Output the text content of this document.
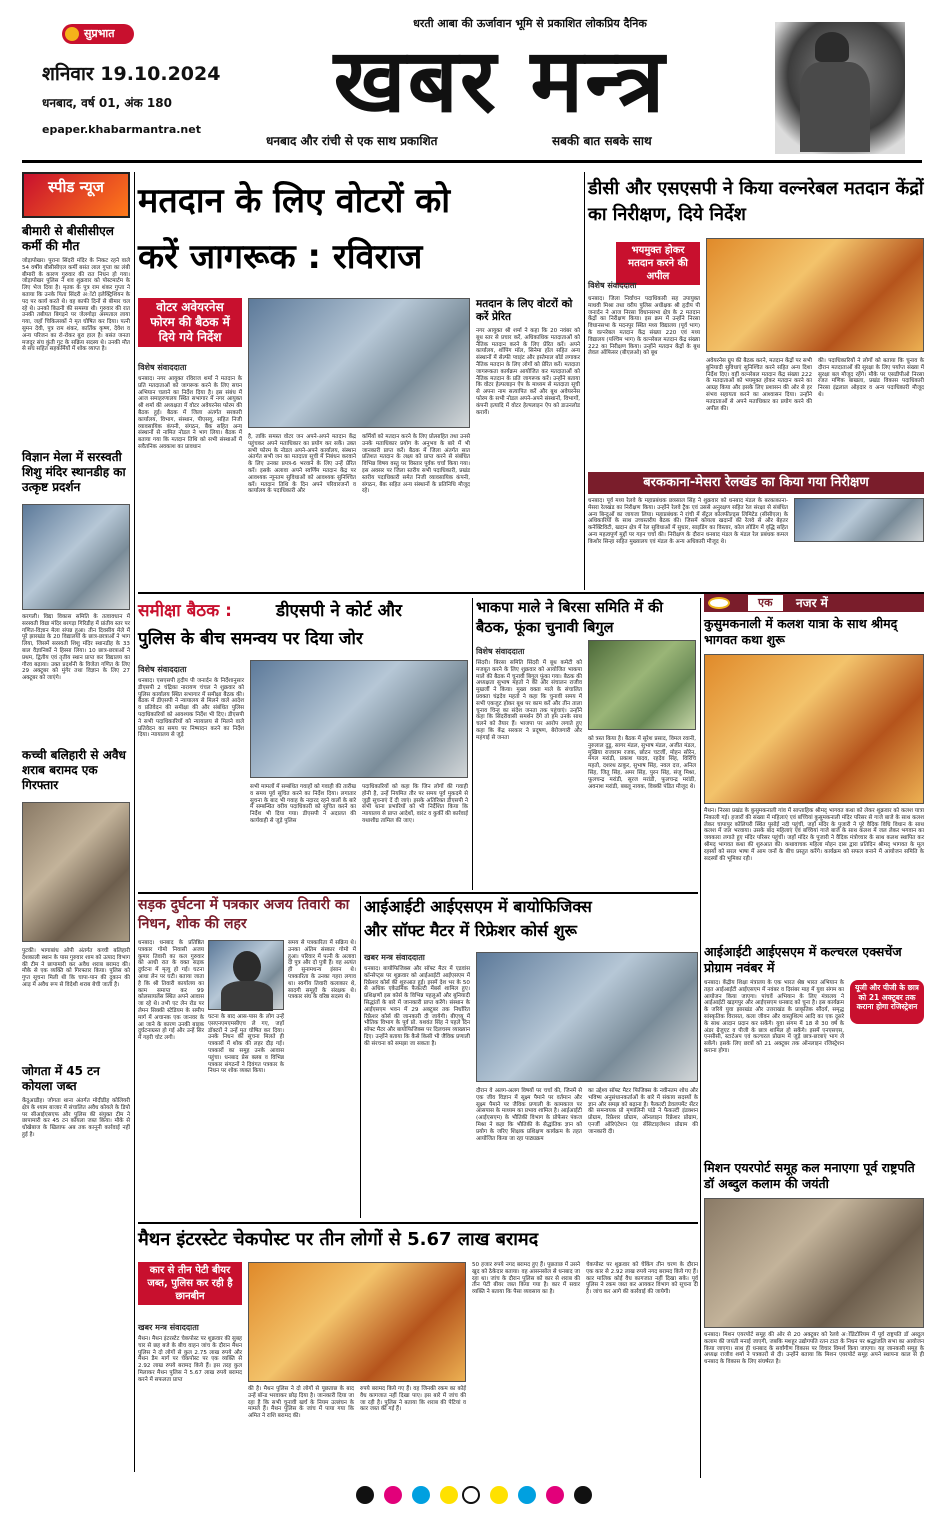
सुप्रभात
धरती आबा की ऊर्जावान भूमि से प्रकाशित लोकप्रिय दैनिक
शनिवार 19.10.2024
धनबाद, वर्ष 01, अंक 180
epaper.khabarmantra.net	खबर मन्त्र
धनबाद और रांची से एक साथ प्रकाशित	सबकी बात सबके साथ
स्पीड न्यूज
बीमारी से बीसीसीएल कर्मी की मौत
जोड़ापोखर। पुराना सिंदरी मंदिर के निकट रहने वाले 54 वर्षीय बीसीसीएल कर्मी बसंत लाल गुप्ता का लंबी बीमारी के कारण गुरुवार की रात निधन हो गया। जोड़ापोखर पुलिस ने शव शुक्रवार को पोस्टमार्टम के लिए भेज दिया है। मृतक के पुत्र राम शंकर गुप्ता ने बताया कि उनके पिता सिंदरी अॉटो इलेक्ट्रिशियन के पद पर कार्य करते थे। वह काफी दिनों से बीमार चल रहे थे। उनको किडनी की समस्या थी। गुरुवार की रात उनकी तबीयत बिगड़ने पर जेलगोड़ा अस्पताल लाया गया, जहाँ चिकित्सकों ने मृत घोषित कर दिया। पत्नी सुमन देवी, पुत्र राम शंकर, कार्तिक कृष्ण, देवेश व अन्य परिजन का रो-रोकर बुरा हाल है। बसंत जनता मजदूर संघ कुंती गुट के सक्रिय सदस्य थे। उनकी मौत से संघ सहित सहकर्मियों में शोक व्याप्त है।
विज्ञान मेला में सरस्वती शिशु मंदिर स्थानडीह का उत्कृष्ट प्रदर्शन
करगली। विद्या विकास समिति के तत्वावधान में सरस्वती विद्या मंदिर बरगड़ा गिरिडीह में प्रांतीय स्तर पर गणित-विज्ञान मेला संपन्न हुआ। तीन दिवसीय मेले में पूरे झारखंड के 20 विद्यालयों के छात्र-छात्राओं ने भाग लिया, जिसमें सरस्वती शिशु मंदिर स्थानडीह के 33 बाल वैज्ञानिकों ने हिस्सा लिया। 10 छात्र-छात्राओं ने प्रथम, द्वितीय एवं तृतीय स्थान प्राप्त कर विद्यालय का गौरव बढ़ाया। उक्त प्रदर्शनी के विजेता गणित के लिए 29 अक्टूबर को मुंगेर तथा विज्ञान के लिए 27 अक्टूबर को जाएंगे।
कच्ची बलिहारी से अवैध शराब बरामद एक गिरफ्तार
पुटकी। भागाबांध ओपी अंतर्गत कच्ची बलिहारी देशकाली स्थान के पास गुरुवार शाम को उत्पाद विभाग की टीम ने छापामारी कर अवैध शराब बरामद की। मौके से एक व्यक्ति को गिरफ्तार किया। पुलिस को गुप्त सूचना मिली थी कि चापा-पान की दुकान की आड़ में अवैध रूप से विदेशी शराब बेची जाती है।
जोगता में 45 टन कोयला जब्त
केंदुआडीह। जोगता थाना अंतर्गत मोदीडीह कोलियरी क्षेत्र के श्याम बाजार में संचालित अवैध कोयले के डिपो पर सीआईएसएफ और पुलिस की संयुक्त टीम ने छापामारी कर 45 टन कोयला जब्त किया। मौके से धोखेबाज के खिलाफ अब तक कानूनी कार्रवाई नहीं हुई है।
मतदान के लिए वोटरों को
करें जागरूक : रविराज
वोटर अवेयरनेस फोरम की बैठक में दिये गये निर्देश
विशेष संवाददाता
धनबाद। नगर आयुक्त रविराज शर्मा ने मतदान के प्रति मतदाताओं को जागरूक करने के लिए सघन अभियान चलाने का निर्देश दिया है। इस संबंध में आज समाहरणालय स्थित सभागार में नगर आयुक्त श्री शर्मा की अध्यक्षता में वोटर अवेयरनेस फोरम की बैठक हुई। बैठक में जिला अंतर्गत सरकारी कार्यालय, विभाग, संस्थान, पीएसयू, सहित निजी व्यावसायिक कंपनी, संगठन, बैंक सहित अन्य संस्थानों से नामित नोडल ने भाग लिया। बैठक में बताया गया कि मतदान तिथि को सभी संस्थाओं में सवैतनिक अवकाश का प्रावधान
है, ताकि समस्त वोटर जन अपने-अपने मतदान केंद्र पहुंचकर अपने मताधिकार का प्रयोग कर सकें। उक्त सभी फोरम के नोडल अपने-अपने कार्यालय, संस्थान अंतर्गत सभी जन का मतदाता सूची में निबंधन करवाने के लिए उनका प्रपत्र-6 भरवाने के लिए उन्हें प्रेरित करें। इसके अलावा अपने स्वर्णिम मतदान केंद्र पर आवश्यक न्यूनतम सुविधाओं को आवश्यक सुनिश्चित करें। मतदान तिथि के दिन अपने परिवारजनों व कार्यालय के पदाधिकारी और
कर्मियों को मतदान करने के लिए प्रोत्साहित तथा उनसे उनके मताधिकार प्रयोग के अनुभव के बारे में भी जानकारी प्राप्त करें। बैठक में जिला अंतर्गत सात प्रतिशत मतदान के लक्ष्य को प्राप्त करने से संबंधित विभिन्न विषय वस्तु पर विस्तार पूर्वक चर्चा किया गया। इस अवसर पर जिला स्तरीय सभी पदाधिकारी, प्रखंड स्तरीय पदाधिकारी समेत निजी व्यावसायिक कंपनी, संगठन, बैंक सहित अन्य संस्थानों के प्रतिनिधि मौजूद रहे।
मतदान के लिए वोटरों को करें प्रेरित
नगर आयुक्त श्री शर्मा ने कहा कि 20 नवंबर को बूथ स्तर से प्रचार करें, अधिकाधिक मतदाताओं को नैतिक मतदान करने के लिए प्रेरित करें। अपने कार्यालय, शॉपिंग मॉल, सिनेमा हॉल सहित अन्य संस्थानों में सेल्फी प्वाइंट और इस्तेमाल बॉर्ड लगाकर नैतिक मतदान के लिए लोगों को प्रेरित करें। मतदाता जागरूकता कार्यक्रम आयोजित कर मतदाताओं को नैतिक मतदान के प्रति जागरूक करें। उन्होंने बताया कि वोटर हेल्पलाइन ऐप के माध्यम से मतदाता सूची से अपना नाम सत्यापित करें और बूथ अवेयरनेस फोरम के सभी नोडल अपने-अपने संस्थानों, विभागों, कंपनी इत्यादि में वोटर हेल्पलाइन ऐप को डाउनलोड करायें।
डीसी और एसएसपी ने किया वल्नरेबल मतदान केंद्रों का निरीक्षण, दिये निर्देश
भयमुक्त होकर मतदान करने की अपील
विशेष संवाददाता
धनबाद। जिला निर्वाचन पदाधिकारी सह उपायुक्त माधवी मिश्रा तथा वरीय पुलिस अधीक्षक श्री हृदीप पी जनार्दन ने आज निरसा विधानसभा क्षेत्र के 2 मतदान केंद्रों का निरीक्षण किया। इस क्रम में उन्होंने निरसा विधानसभा के मदनपुर स्थित मध्य विद्यालय (पूर्व भाग) के वल्नरेबल मतदान केंद्र संख्या 220 एवं मध्य विद्यालय (पश्चिम भाग) के वल्नरेबल मतदान केंद्र संख्या 222 का निरीक्षण किया। उन्होंने मतदान केंद्रों के बूथ लेवल ऑफिसर (बीएलओ) को बूथ
अवेयरनेस ग्रुप की बैठक करने, मतदान केंद्रों पर सभी बुनियादी सुविधाएं सुनिश्चित करने सहित अन्य दिशा निर्देश दिए। वहीं वल्नरेबल मतदान केंद्र संख्या 222 के मतदाताओं को भयमुक्त होकर मतदान करने का आग्रह किया और इसके लिए प्रशासन की ओर से हर संभव सहायता करने का आश्वासन दिया। उन्होंने मतदाताओं से अपने मताधिकार का प्रयोग करने की अपील की।
की। पदाधिकारियों ने लोगों को बताया कि चुनाव के दौरान मतदाताओं की सुरक्षा के लिए पर्याप्त संख्या में सुरक्षा बल मौजूद रहेंगे। मौके पर एसडीपीओ निरसा रजत मणिक बाखला, प्रखंड विकास पदाधिकारी निरसा इंद्रलाल ओहदार व अन्य पदाधिकारी मौजूद थे।
बरककाना-मेसरा रेलखंड का किया गया निरीक्षण
धनबाद। पूर्व मध्य रेलवे के महाप्रबंधक छत्रसाल सिंह ने शुक्रवार को धनबाद मंडल के बरकाकाना-मेसरा रेलखंड का निरीक्षण किया। उन्होंने रेलवे ट्रैक एवं उससे अनुरक्षण सहित रेल संरक्षा से संबंधित अन्य बिन्दुओं का जायजा लिया। महाप्रबंधक ने रांची में सेंट्रल कोलफील्ड्स लिमिटेड (सीसीएल) के अधिकारियों के साथ उच्चस्तरीय बैठक की। जिसमें कोयला खदानों की रेलवे से और बेहतर कनेक्टिविटी, खदान क्षेत्र में रेल सुविधाओं में सुधार, साइडिंग का विस्तार, कोल लोडिंग में वृद्धि सहित अन्य महत्वपूर्ण मुद्दों पर गहन चर्चा की। निरीक्षण के दौरान धनबाद मंडल के मंडल रेल प्रबंधक कमल किशोर सिन्हा सहित मुख्यालय एवं मंडल के अन्य अधिकारी मौजूद थे।
समीक्षा बैठक :	डीएसपी ने कोर्ट और
पुलिस के बीच समन्वय पर दिया जोर
विशेष संवाददाता
धनबाद। एसएसपी हृदीप पी जनार्दन के निर्देशानुसार डीएसपी 2 चंद्रिका नारायण चंचल ने शुक्रवार को पुलिस कार्यालय स्थित सभागार में समीक्षा बैठक की। बैठक में डीएसपी ने न्यायालय से मिलने वाले आदेश व प्रतिवेदन की समीक्षा की और संबंधित पुलिस पदाधिकारियों को आवश्यक निर्देश भी दिए। डीएसपी ने सभी पदाधिकारियों को न्यायालय से मिलने वाले प्रतिवेदन का समय पर निष्पादन करने का निर्देश दिया। न्यायालय से जुड़े
सभी मामलों में सम्बंधित गवाहों को गवाही की तारीख व समय पूर्व सूचित करने का निर्देश दिया। लगातार सूचना के बाद भी गवाह के नदारद रहने वालों के बारे में सम्बन्धित वरीय पदाधिकारी को सूचित करने का निर्देश भी दिया गया। डीएसपी ने अदालत की कार्यवाही से जुड़े पुलिस
पदाधिकारियों को कहा कि जिन लोगों की गवाही होनी है, उन्हें नियमित तौर पर समय पूर्व मुकदमे से जुड़ी सूचनाएं दें दी जाएं। इसके अतिरिक्त डीएसपी ने सभी थाना प्रभारियों को भी निर्देशित किया कि न्यायालय से प्राप्त आदेशों, वारंट व कुर्की की कार्रवाई यथाशीघ्र तामिल की जाए।
भाकपा माले ने बिरसा समिति में की बैठक, फूंका चुनावी बिगुल
विशेष संवाददाता
सिंदरी। बिरसा समिति सिंदरी में बूथ कमेटी को मजबूत करने के लिए शुक्रवार को आयोजित भाकपा माले की बैठक में चुनावी बिगुल फूंका गया। बैठक की अध्यक्षता सुभाष महतो ने की और संचालन राजीव मुखर्जी ने किया। मुख्य वक्ता माले के संचालित प्रवक्ता चंद्रदेव महतो ने कहा कि चुनावी समय में सभी एकजुट होकर बूथ पर काम करें और तीन ताला चुनाव चिन्ह का संदेश जनता तक पहुंचाएं। उन्होंने कहा कि सिंदरीवासी समर्थन देंगे तो हम उनके साथ चलने को तैयार हैं। भाजपा पर आरोप लगाते हुए कहा कि केंद्र सरकार ने प्रदूषण, बेरोजगारी और महंगाई से जनता	को त्रस्त किया है। बैठक में सुरेश प्रसाद, विमल रवानी, नुरुलाल दुडू, सागर मंडल, सुभाष मंडल, अजीत मंडल, मुखिया राजाराम रजक, छोटन चटर्जी, मोहन सोरेन, मंगल मरांडी, प्रकाश यादव, रहदेव सिंह, विरिंचि महतो, दशरथ ठाकुर, सुभाष सिंह, नवल दत्त, अनिल सिंह, जितू सिंह, अमर सिंह, पुरन सिंह, संजू मिश्रा, फूलचन्द्र मरांडी, सूरज मरांडी, फूलचन्द्र मरांडी, अवनाश मरांडी, बबलू नायक, विक्की पंडित मौजूद थे।
एक	नजर में
कुसुमकनाली में कलश यात्रा के साथ श्रीमद् भागवत कथा शुरू
मैथन। निरसा प्रखंड के कुसुमकनाली गांव में साप्ताहिक श्रीमद् भागवत कथा को लेकर शुक्रवार को कलश यात्रा निकाली गई। हजारों की संख्या में महिलाएं एवं बच्चियां कुसुमकनाली मंदिर परिसर से गाजे बाजे के साथ कलश लेकर चापापुर कोलियरी स्थित पुसोई नदी पहुंचीं, जहाँ मंदिर के पुजारी ने पूरे वैदिक विधि विधान के साथ कलश में जल भरवाया। उसके बाद महिलाएं एवं बच्चियां गाजे बाजे के साथ कलश में जल लेकर भगवान का जयकारा लगाते हुए मंदिर परिसर पहुंचीं। जहाँ मंदिर के पुजारी ने वैदिक मंत्रोच्चार के साथ कलश स्थापित कर श्रीमद् भागवत कथा की शुरुआत की। कथावाचक महिला मोहन दास द्वारा प्रतिदिन श्रीमद् भागवत के मूल रहस्यों को सरल भाषा में आम जनों के बीच प्रस्तुत करेंगे। कार्यक्रम को सफल बनाने में आयोजन समिति के सदस्यों की भूमिका रही।
आईआईटी आईएसएम में कल्चरल एक्सचेंज प्रोग्राम नवंबर में
यूजी और पीजी के छात्र को 21 अक्टूबर तक कराना होगा रजिस्ट्रेशन
धनबाद। केंद्रीय शिक्षा मंत्रालय के एक भारत श्रेष्ठ भारत अभियान के तहत आईआईटी आईएसएम में नवंबर व दिसंबर माह में युवा संगम का आयोजन किया जाएगा। पांचवें अभियान के लिए मंत्रालय ने आईआईटी खड़गपुर और आईएसएम धनबाद को चुना है। इस कार्यक्रम के जरिये युवा झारखंड और उत्तराखंड के प्राकृतिक सौंदर्य, समृद्ध सांस्कृतिक विरासत, कला जीवन और वास्तुशिल्प आदि का एक दूसरे के साथ आदान प्रदान कर सकेंगे। युवा संगम में 18 से 30 वर्ष के अंडर ग्रेजुएट व पीजी के छात्र शामिल हो सकेंगे। इसमें एनएसएस, एनसीसी, स्टार्टअप एवं कल्चरल प्रोग्राम में जुड़े छात्र-छात्राएं भाग ले सकेंगे। इसके लिए छात्रों को 21 अक्टूबर तक ऑनलाइन रजिस्ट्रेशन कराना होगा।
मिशन एयरपोर्ट समूह कल मनाएगा पूर्व राष्ट्रपति डॉ अब्दुल कलाम की जयंती
धनबाद। मिशन एयरपोर्ट समूह की ओर से 20 अक्टूबर को रेलवे अॉडिटोरियम में पूर्व राष्ट्रपति डॉ अब्दुल कलाम की जयंती मनाई जाएगी, जबकि मशहूर उद्योगपति रतन टाटा के निधन पर श्रद्धांजलि सभा का आयोजन किया जाएगा। साथ ही धनबाद के सर्वांगीण विकास पर विचार विमर्श किया जाएगा। यह जानकारी समूह के अध्यक्ष राजीव शर्मा ने पत्रकारों से दी। उन्होंने बताया कि मिशन एयरपोर्ट समूह अपने स्थापना काल से ही धनबाद के विकास के लिए संघर्षरत है।
सड़क दुर्घटना में पत्रकार अजय तिवारी का निधन, शोक की लहर
धनबाद। धनबाद के प्रतिष्ठित पत्रकार गोमो निवासी अजय कुमार तिवारी का कल गुरुवार को आधी रात के वक्त सड़क दुर्घटना में मृत्यु हो गई। घटना आधा लेन पर घटी। बताया जाता है कि श्री तिवारी कार्यालय का काम समाप्त कर 99 कोलसायलेंस स्थित अपने आवास जा रहे थे। तभी एट लेन रोड पर लेमन सिक्की स्टेडियम के समीप मार्ग में अचानक एक जानवर के आ जाने के कारण उनकी बाइक दुर्घटनाग्रस्त हो गई और उन्हें सिर में गहरी चोट लगी।
समय से पत्रकारिता में सक्रिय थे। उनका अंतिम संस्कार गोमो में हुआ। परिवार में पत्नी के अलावा दो पुत्र और दो पुत्री हैं। वह अत्यंत ही सुनामधन्य इंसान थे। पत्रकारिता के उनका गहरा लगाव था। स्वर्गीय तिवारी कलाकार थे, सादगी समूहों के संरक्षक थे। पत्रकार संघ के वरिष्ठ सदस्य थे।
घटना के बाद आस-पास के लोग उन्हें एसएनएमएमसीएच ले गए, जहाँ डॉक्टरों ने उन्हें मृत घोषित कर दिया। उनके निधन की सूचना मिलते ही पत्रकारों में शोक की लहर दौड़ गई। पत्रकारों का समूह उनके आवास पहुंचा। धनबाद प्रेस क्लब व विभिन्न पत्रकार संगठनों ने दिवंगत पत्रकार के निधन पर शोक व्यक्त किया।
आईआईटी आईएसएम में बायोफिजिक्स
और सॉफ्ट मैटर में रिफ्रेशर कोर्स शुरू
खबर मन्त्र संवाददाता
धनबाद। बायोफिजिक्स और सॉफ्ट मैटर में एडवांस कॉन्सेप्ट्स पर शुक्रवार को आईआईटी आईएसएम में रिफ्रेशर कोर्स की शुरुआत हुई। इसमें देश भर के 50 से अधिक एकेडमिक फैकल्टी मेंबर्स शामिल हुए। प्रशिक्षणों इस कोर्स के विभिन्न पहलुओं और बुनियादी सिद्धांतों के बारे में जानकारी प्राप्त करेंगे। संस्थान के आईएसएम भवन में 29 अक्टूबर तक निर्धारित रिफ्रेशर कोर्स की जानकारी दी जायेगी। बीएच्यू में भौतिक विभाग के पूर्व प्रो. यशवंत सिंह ने पहले दिन सॉफ्ट मैटर और बायोफिजिक्स पर दिलचस्प व्याख्यान दिए। उन्होंने बताया कि कैसे किसी भी जैविक प्रणाली की संरचना को समझा जा सकता है।
दौरान वे अलग-अलग विषयों पर चर्चा की, जिनमें से एक जीव विज्ञान में सूक्ष्म पैमाने पर वर्तमान और सूक्ष्म पैमाने पर जैविक प्रणाली के कामकाज पर आसपास के माध्यम का प्रभाव शामिल है। आईआईटी (आईएसएम) के भौतिकी विभाग के प्रोफेसर पंकज मिश्रा ने कहा कि भौतिकी के सैद्धांतिक ज्ञान को प्रयोग के जरिए शिक्षक प्रशिक्षण कार्यक्रम के तहत आयोजित किया जा रहा पाठ्यक्रम
का उद्देश्य सॉफ्ट मैटर फिजिक्स के नवीनतम शोध और भविष्य अनुसंधानकर्ताओं के बारे में संकाय सदस्यों के ज्ञान और समझ को बढ़ाना है। फैकल्टी डेवलपमेंट सेंटर की समन्वयक प्रो मृणालिनी पांडे ने फैकल्टी इंडक्शन प्रोग्राम, रिफ्रेशर प्रोग्राम, ऑनलाइन रिफ्रेशर प्रोग्राम, एनर्जी ओरिएंटेशन एंड सेंसिटाइजेशन प्रोग्राम की जानकारी दी।
मैथन इंटरस्टेट चेकपोस्ट पर तीन लोगों से 5.67 लाख बरामद
कार से तीन पेटी बीयर जब्त, पुलिस कर रही है छानबीन
खबर मन्त्र संवाददाता
मैथन। मैथन इंटरस्टेट चेकपोस्ट पर शुक्रवार की सुबह चार से छह बजे के बीच वाहन जांच के दौरान मैथन पुलिस ने दो लोगों से कुल 2.75 लाख रुपये और मैथन डैम मार्ग पर चेकपोस्ट पर एक व्यक्ति से 2.92 लाख रुपये बरामद किये हैं। इस तरह कुल मिलाकर मैथन पुलिस ने 5.67 लाख रुपये बरामद करने में सफलता प्राप्त
की है। मैथन पुलिस ने दो लोगों से पूछताछ के बाद उन्हें बॉन्ड भरवाकर छोड़ दिया है। जानकारी दिया जा रहा है कि सभी चुनावी खर्च के नियम उल्लंघन के मामले हैं। मैथन पुलिस के जांच में पाया गया कि अमित ने राशि बरामद की।
रुपये बरामद किये गए हैं। वह जिनकी रकम का कोई वैध कागजात नहीं दिखा पाए। इस बारे में जांच की जा रही है। पुलिस ने बताया कि शराब की पेटियां व कार जब्त की गई हैं।
50 हजार रुपये नगद बरामद हुए हैं। पूछताछ में उसने खुद को ठेकेदार बताया। वह आसनसोल से धनबाद जा रहा था। जांच के दौरान पुलिस को कार से शराब की तीन पेटी बीयर जब्त किया गया है। कार में सवार व्यक्ति ने बताया कि पैसा व्यवसाय का है।
चेकपोस्ट पर शुक्रवार को चेकिंग तीन चरण के दौरान एक कार से 2.92 लाख रुपये नगद बरामद किये गए हैं। कार मालिक कोई वैध कागजात नहीं दिखा सके। पूर्व पुलिस ने रकम जब्त कर आयकर विभाग को सूचना दी है। जांच कर आगे की कार्रवाई की जायेगी।
